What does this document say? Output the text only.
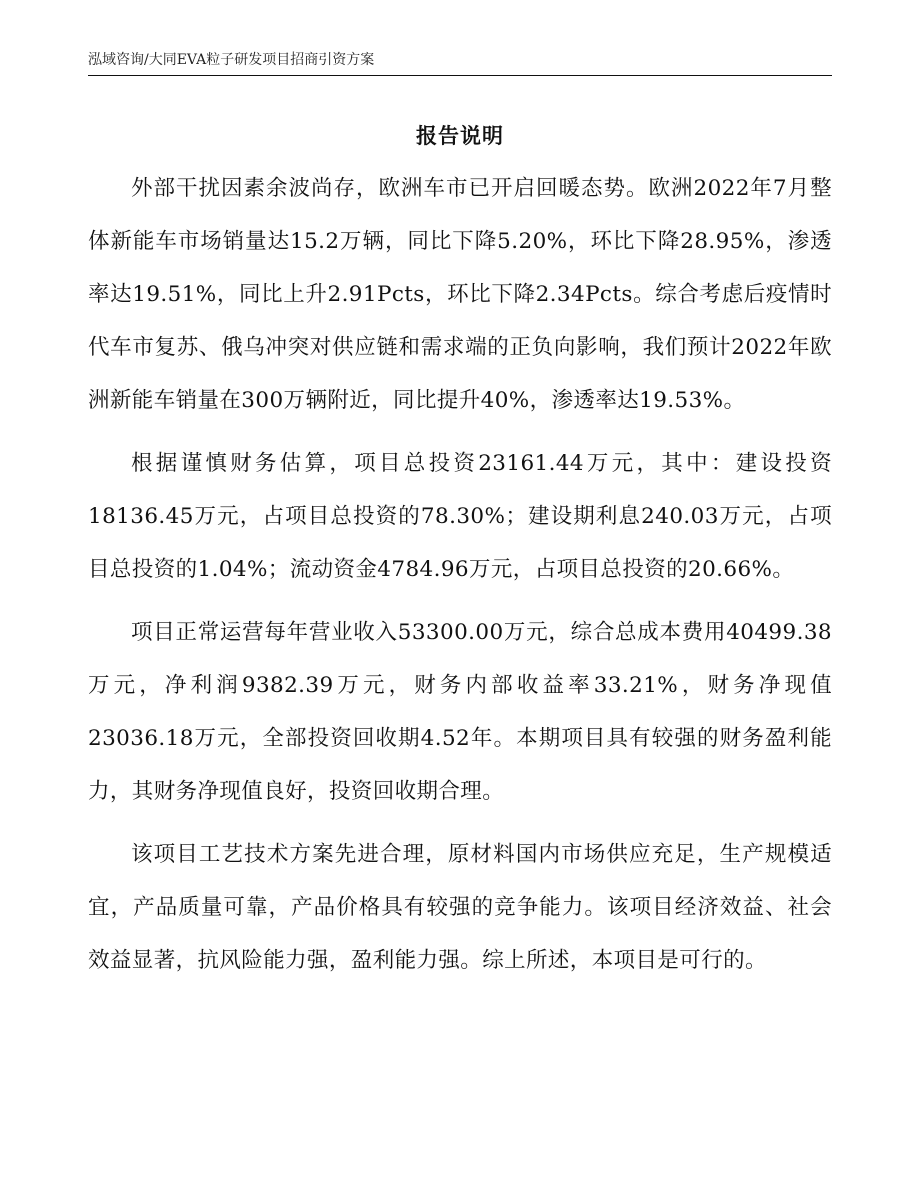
泓域咨询/大同EVA粒子研发项目招商引资方案
报告说明

外部干扰因素余波尚存，欧洲车市已开启回暖态势。欧洲2022年7月整体新能车市场销量达15.2万辆，同比下降5.20%，环比下降28.95%，渗透率达19.51%，同比上升2.91Pcts，环比下降2.34Pcts。综合考虑后疫情时代车市复苏、俄乌冲突对供应链和需求端的正负向影响，我们预计2022年欧洲新能车销量在300万辆附近，同比提升40%，渗透率达19.53%。

根据谨慎财务估算，项目总投资23161.44万元，其中：建设投资18136.45万元，占项目总投资的78.30%；建设期利息240.03万元，占项目总投资的1.04%；流动资金4784.96万元，占项目总投资的20.66%。

项目正常运营每年营业收入53300.00万元，综合总成本费用40499.38万元，净利润9382.39万元，财务内部收益率33.21%，财务净现值23036.18万元，全部投资回收期4.52年。本期项目具有较强的财务盈利能力，其财务净现值良好，投资回收期合理。

该项目工艺技术方案先进合理，原材料国内市场供应充足，生产规模适宜，产品质量可靠，产品价格具有较强的竞争能力。该项目经济效益、社会效益显著，抗风险能力强，盈利能力强。综上所述，本项目是可行的。
